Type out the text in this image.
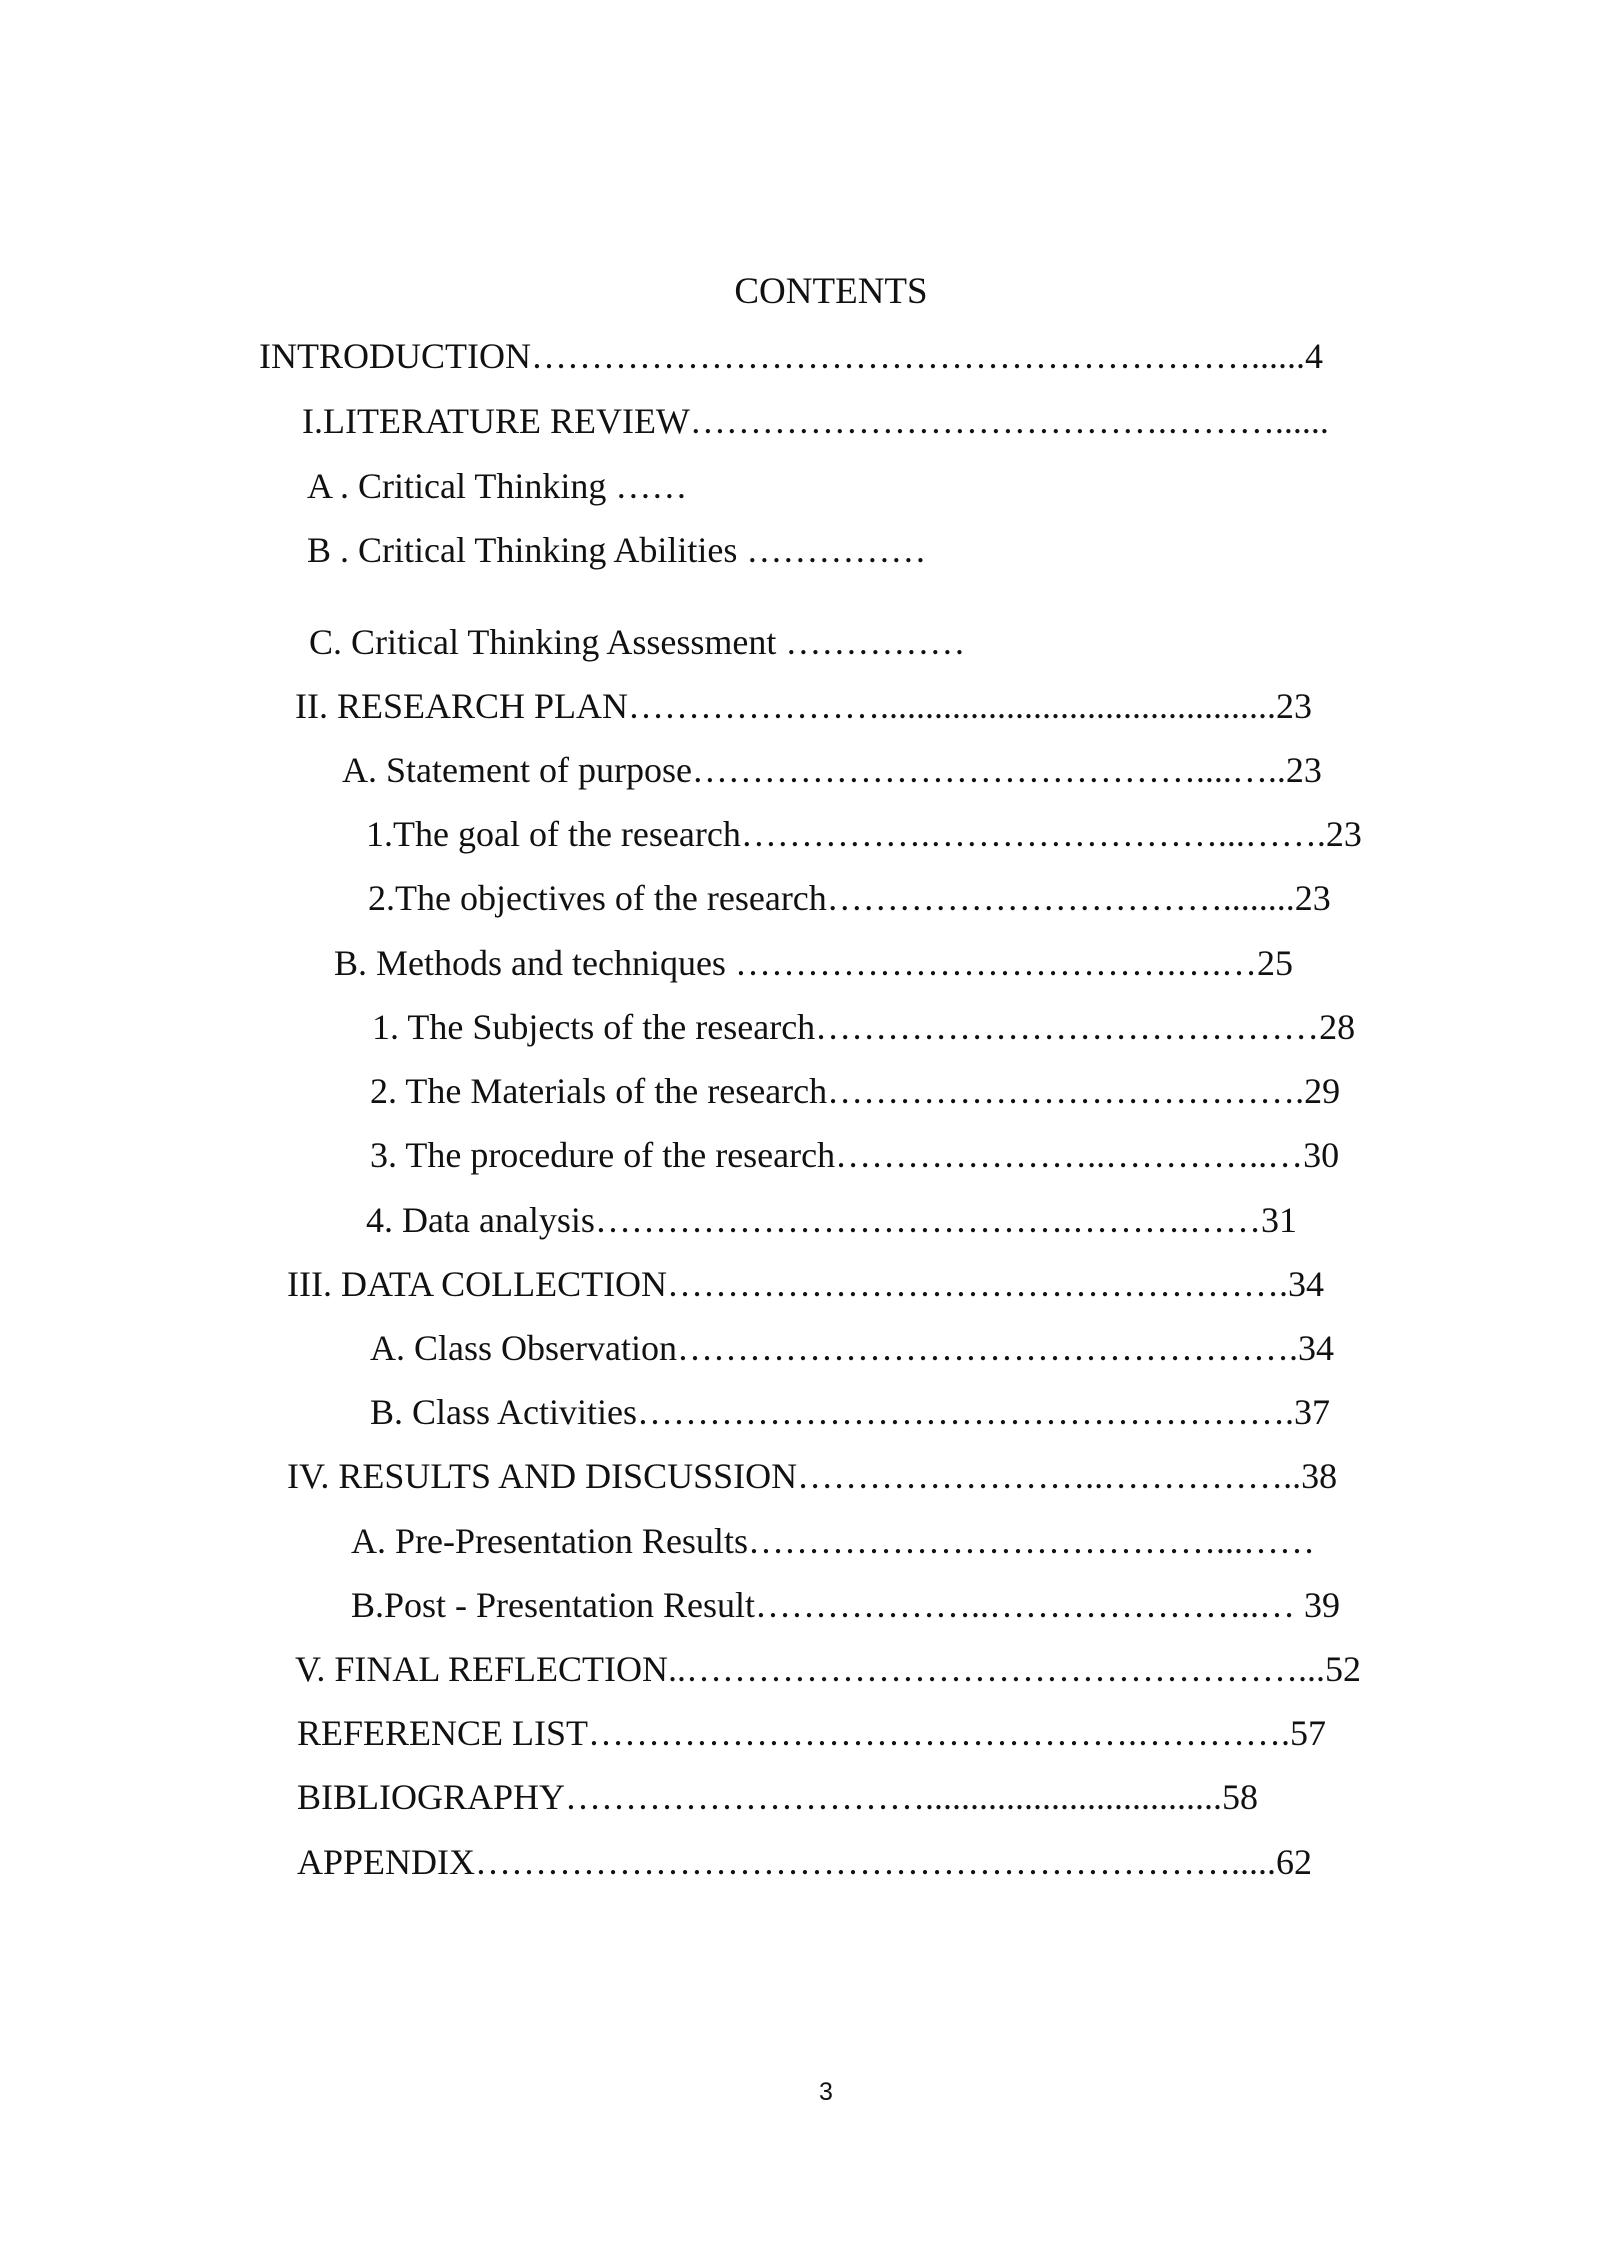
CONTENTS
INTRODUCTION……………………………………………………......4
I.LITERATURE REVIEW………………………………….………......
A . Critical Thinking ……
B . Critical Thinking Abilities ……………
C. Critical Thinking Assessment ……………
II. RESEARCH PLAN…………………............................................23
A. Statement of purpose……………………………………....…..23
1.The goal of the research…………….……………………...…….23
2.The objectives of the research……………………………........23
B. Methods and techniques ……………………………….….…25
1. The Subjects of the research……………………………………28
2. The Materials of the research………………………………….29
3. The procedure of the research…………………..…………..…30
4. Data analysis………………………………….……….……31
III. DATA COLLECTION…………………………………………….34
A. Class Observation…………………………………………….34
B. Class Activities……………………………………………….37
IV. RESULTS AND DISCUSSION……………………..……………..38
A. Pre-Presentation Results…………………………………...……
B.Post - Presentation Result………………..…………………..… 39
V. FINAL REFLECTION..……………………………………………...52
REFERENCE LIST……………………………………….………….57
BIBLIOGRAPHY………………………….................................58
APPENDIX……………………………………………………….....62
3
